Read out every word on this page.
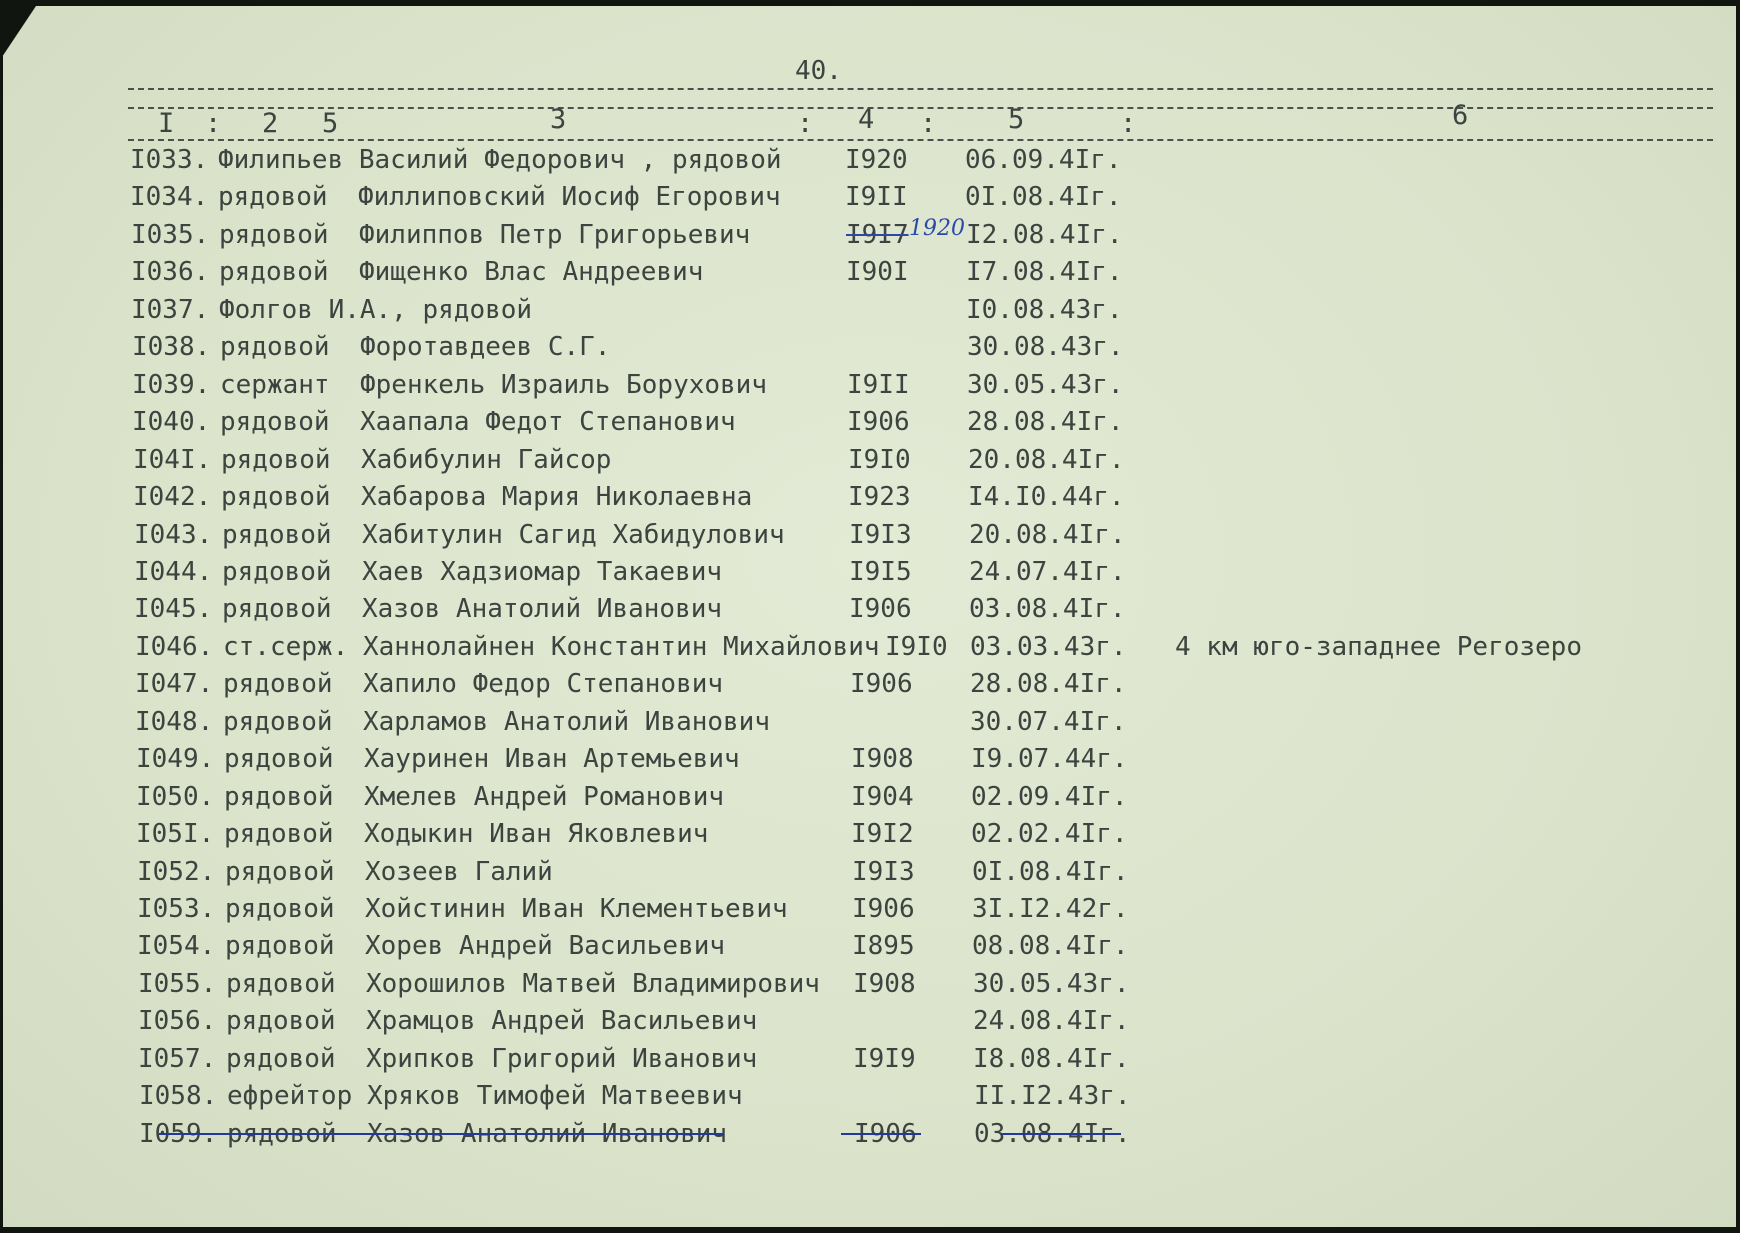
40.
I : 2 5	3	: 4 :	5	:	6
I033. Филипьев Василий Федорович , рядовой I920 06.09.4Iг.
I034. рядовой Филлиповский Иосиф Егорович I9II 0I.08.4Iг.
I035. рядовой Филиппов Петр Григорьевич	I9I7 1920 I2.08.4Iг.
I036. рядовой Фищенко Влас Андреевич	I90I I7.08.4Iг.
I037. Фолгов И.А., рядовой	I0.08.43г.
I038. рядовой Форотавдеев С.Г.	30.08.43г.
I039. сержант Френкель Израиль Борухович	I9II 30.05.43г.
I040. рядовой Хаапала Федот Степанович	I906 28.08.4Iг.
I04I. рядовой Хабибулин Гайсор	I9I0 20.08.4Iг.
I042. рядовой Хабарова Мария Николаевна	I923 I4.I0.44г.
I043. рядовой Хабитулин Сагид Хабидулович I9I3 20.08.4Iг.
I044. рядовой Хаев Хадзиомар Такаевич	I9I5 24.07.4Iг.
I045. рядовой Хазов Анатолий Иванович	I906 03.08.4Iг.
I046. ст.серж. Ханнолайнен Константин Михайлович I9I0 03.03.43г. 4 км юго-западнее Регозеро
I047. рядовой Хапило Федор Степанович	I906 28.08.4Iг.
I048. рядовой Харламов Анатолий Иванович	30.07.4Iг.
I049. рядовой Хауринен Иван Артемьевич	I908 I9.07.44г.
I050. рядовой Хмелев Андрей Романович	I904 02.09.4Iг.
I05I. рядовой Ходыкин Иван Яковлевич	I9I2 02.02.4Iг.
I052. рядовой Хозеев Галий	I9I3 0I.08.4Iг.
I053. рядовой Хойстинин Иван Клементьевич I906 3I.I2.42г.
I054. рядовой Хорев Андрей Васильевич	I895 08.08.4Iг.
I055. рядовой Хорошилов Матвей Владимирович I908 30.05.43г.
I056. рядовой Храмцов Андрей Васильевич	24.08.4Iг.
I057. рядовой Хрипков Григорий Иванович	I9I9 I8.08.4Iг.
I058. ефрейтор Хряков Тимофей Матвеевич	II.I2.43г.
I059. рядовой Хазов Анатолий Иванович	I906 03.08.4Iг.
